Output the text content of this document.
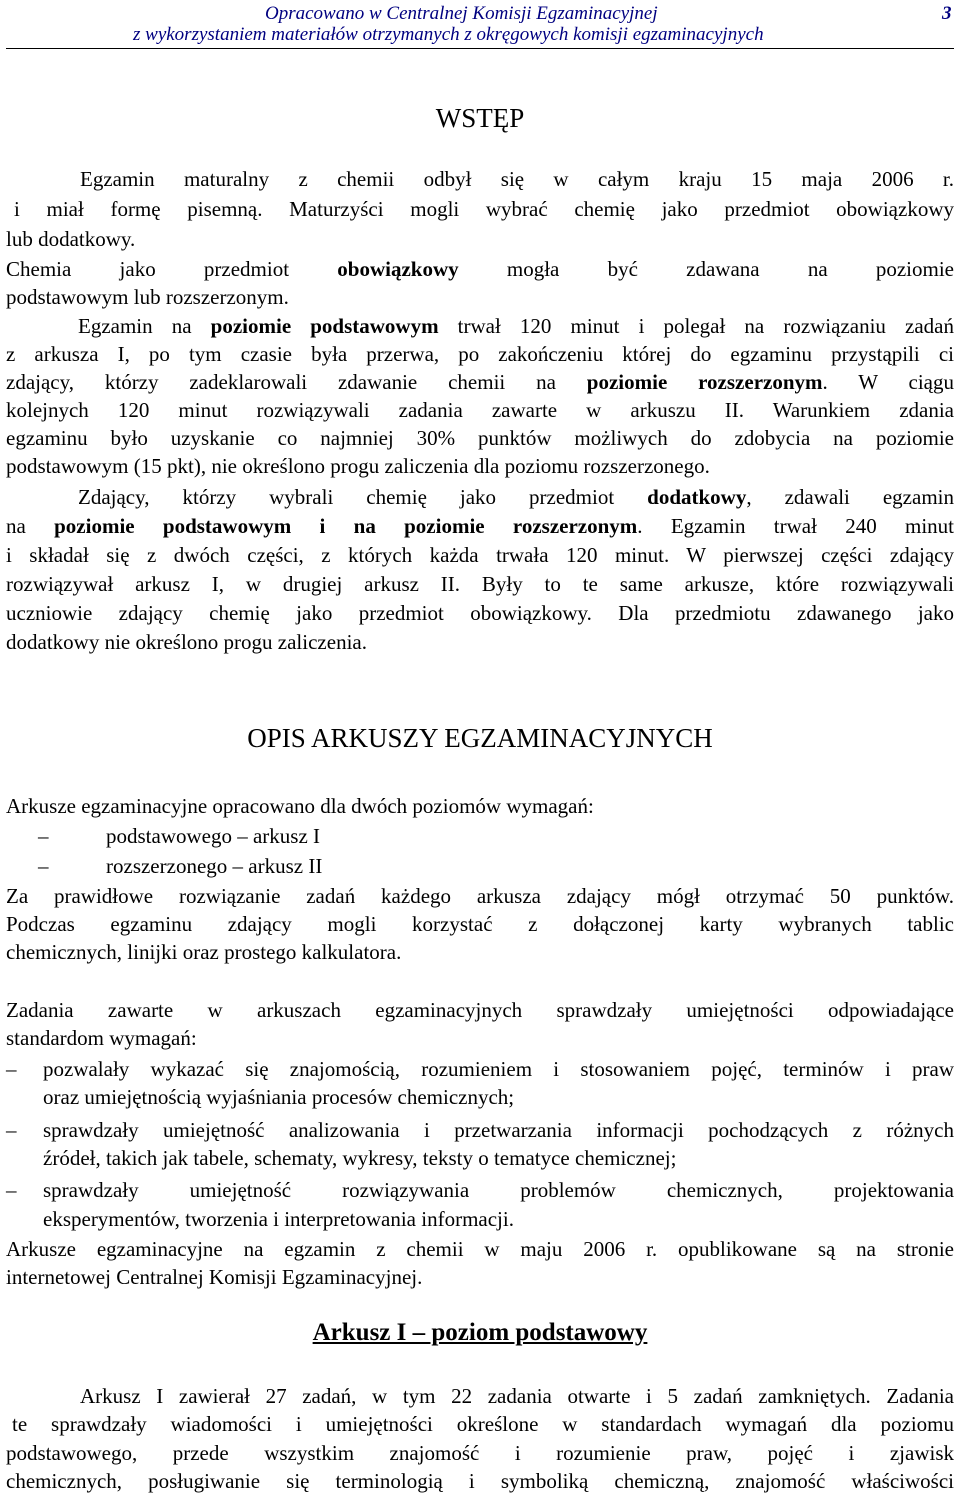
Opracowano w Centralnej Komisji Egzaminacyjnej
z wykorzystaniem materiałów otrzymanych z okręgowych komisji egzaminacyjnych
3
WSTĘP

Egzamin maturalny z chemii odbył się w całym kraju 15 maja 2006 r.

i miał formę pisemną. Maturzyści mogli wybrać chemię jako przedmiot obowiązkowy

lub dodatkowy.

Chemia jako przedmiot obowiązkowy mogła być zdawana na poziomie

podstawowym lub rozszerzonym.

Egzamin na poziomie podstawowym trwał 120 minut i polegał na rozwiązaniu zadań

z arkusza I, po tym czasie była przerwa, po zakończeniu której do egzaminu przystąpili ci

zdający, którzy zadeklarowali zdawanie chemii na poziomie rozszerzonym. W ciągu

kolejnych 120 minut rozwiązywali zadania zawarte w arkuszu II. Warunkiem zdania

egzaminu było uzyskanie co najmniej 30% punktów możliwych do zdobycia na poziomie

podstawowym (15 pkt), nie określono progu zaliczenia dla poziomu rozszerzonego.

Zdający, którzy wybrali chemię jako przedmiot dodatkowy, zdawali egzamin

na poziomie podstawowym i na poziomie rozszerzonym. Egzamin trwał 240 minut

i składał się z dwóch części, z których każda trwała 120 minut. W pierwszej części zdający

rozwiązywał arkusz I, w drugiej arkusz II. Były to te same arkusze, które rozwiązywali

uczniowie zdający chemię jako przedmiot obowiązkowy. Dla przedmiotu zdawanego jako

dodatkowy nie określono progu zaliczenia.

OPIS ARKUSZY EGZAMINACYJNYCH

Arkusze egzaminacyjne opracowano dla dwóch poziomów wymagań:

–	podstawowego – arkusz I

–	rozszerzonego – arkusz II

Za prawidłowe rozwiązanie zadań każdego arkusza zdający mógł otrzymać 50 punktów.

Podczas egzaminu zdający mogli korzystać z dołączonej karty wybranych tablic

chemicznych, linijki oraz prostego kalkulatora.

Zadania zawarte w arkuszach egzaminacyjnych sprawdzały umiejętności odpowiadające

standardom wymagań:

– pozwalały wykazać się znajomością, rozumieniem i stosowaniem pojęć, terminów i praw

oraz umiejętnością wyjaśniania procesów chemicznych;

– sprawdzały umiejętność analizowania i przetwarzania informacji pochodzących z różnych

źródeł, takich jak tabele, schematy, wykresy, teksty o tematyce chemicznej;

– sprawdzały umiejętność rozwiązywania problemów chemicznych, projektowania

eksperymentów, tworzenia i interpretowania informacji.

Arkusze egzaminacyjne na egzamin z chemii w maju 2006 r. opublikowane są na stronie

internetowej Centralnej Komisji Egzaminacyjnej.

Arkusz I – poziom podstawowy

Arkusz I zawierał 27 zadań, w tym 22 zadania otwarte i 5 zadań zamkniętych. Zadania

te sprawdzały wiadomości i umiejętności określone w standardach wymagań dla poziomu

podstawowego, przede wszystkim znajomość i rozumienie praw, pojęć i zjawisk

chemicznych, posługiwanie się terminologią i symboliką chemiczną, znajomość właściwości
